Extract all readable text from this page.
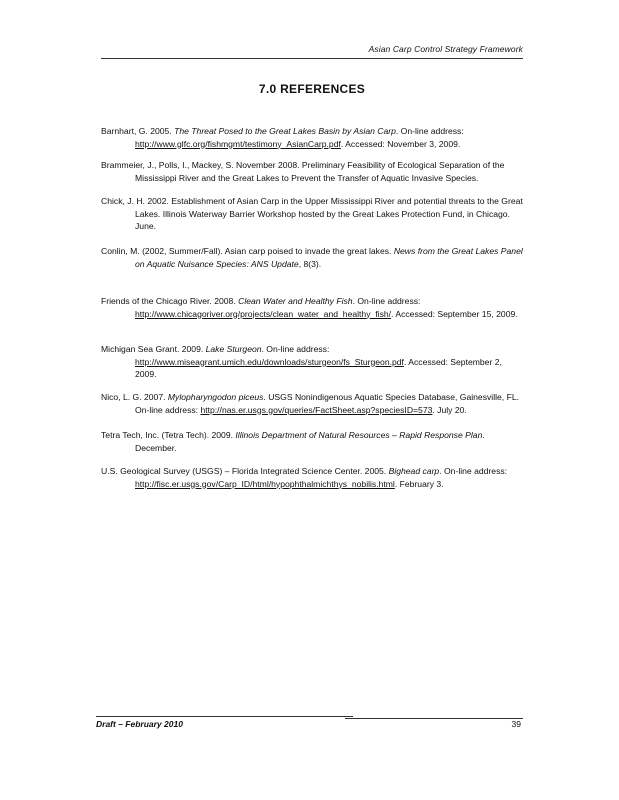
Asian Carp Control Strategy Framework
7.0 REFERENCES
Barnhart, G. 2005. The Threat Posed to the Great Lakes Basin by Asian Carp. On-line address: http://www.glfc.org/fishmgmt/testimony_AsianCarp.pdf. Accessed: November 3, 2009.
Brammeier, J., Polls, I., Mackey, S. November 2008. Preliminary Feasibility of Ecological Separation of the Mississippi River and the Great Lakes to Prevent the Transfer of Aquatic Invasive Species.
Chick, J. H. 2002. Establishment of Asian Carp in the Upper Mississippi River and potential threats to the Great Lakes. Illinois Waterway Barrier Workshop hosted by the Great Lakes Protection Fund, in Chicago. June.
Conlin, M. (2002, Summer/Fall). Asian carp poised to invade the great lakes. News from the Great Lakes Panel on Aquatic Nuisance Species: ANS Update, 8(3).
Friends of the Chicago River. 2008. Clean Water and Healthy Fish. On-line address: http://www.chicagoriver.org/projects/clean_water_and_healthy_fish/. Accessed: September 15, 2009.
Michigan Sea Grant. 2009. Lake Sturgeon. On-line address: http://www.miseagrant.umich.edu/downloads/sturgeon/fs_Sturgeon.pdf. Accessed: September 2, 2009.
Nico, L. G. 2007. Mylopharyngodon piceus. USGS Nonindigenous Aquatic Species Database, Gainesville, FL. On-line address: http://nas.er.usgs.gov/queries/FactSheet.asp?speciesID=573. July 20.
Tetra Tech, Inc. (Tetra Tech). 2009. Illinois Department of Natural Resources – Rapid Response Plan. December.
U.S. Geological Survey (USGS) – Florida Integrated Science Center. 2005. Bighead carp. On-line address: http://fisc.er.usgs.gov/Carp_ID/html/hypophthalmichthys_nobilis.html. February 3.
Draft – February 2010	39
